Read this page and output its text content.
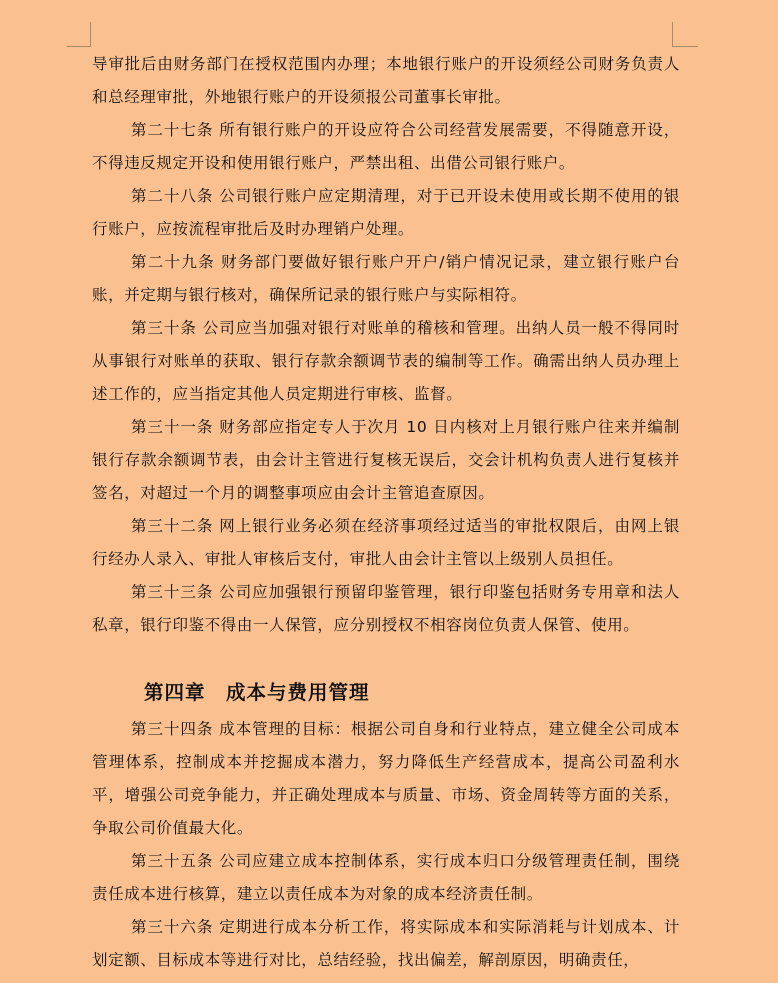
导审批后由财务部门在授权范围内办理；本地银行账户的开设须经公司财务负责人和总经理审批，外地银行账户的开设须报公司董事长审批。

第二十七条 所有银行账户的开设应符合公司经营发展需要，不得随意开设，不得违反规定开设和使用银行账户，严禁出租、出借公司银行账户。

第二十八条 公司银行账户应定期清理，对于已开设未使用或长期不使用的银行账户，应按流程审批后及时办理销户处理。

第二十九条 财务部门要做好银行账户开户/销户情况记录，建立银行账户台账，并定期与银行核对，确保所记录的银行账户与实际相符。

第三十条 公司应当加强对银行对账单的稽核和管理。出纳人员一般不得同时从事银行对账单的获取、银行存款余额调节表的编制等工作。确需出纳人员办理上述工作的，应当指定其他人员定期进行审核、监督。

第三十一条 财务部应指定专人于次月 10 日内核对上月银行账户往来并编制银行存款余额调节表，由会计主管进行复核无误后，交会计机构负责人进行复核并签名，对超过一个月的调整事项应由会计主管追查原因。

第三十二条 网上银行业务必须在经济事项经过适当的审批权限后，由网上银行经办人录入、审批人审核后支付，审批人由会计主管以上级别人员担任。

第三十三条 公司应加强银行预留印鉴管理，银行印鉴包括财务专用章和法人私章，银行印鉴不得由一人保管，应分别授权不相容岗位负责人保管、使用。

第四章　成本与费用管理

第三十四条 成本管理的目标：根据公司自身和行业特点，建立健全公司成本管理体系，控制成本并挖掘成本潜力，努力降低生产经营成本，提高公司盈利水平，增强公司竞争能力，并正确处理成本与质量、市场、资金周转等方面的关系，争取公司价值最大化。

第三十五条 公司应建立成本控制体系，实行成本归口分级管理责任制，围绕责任成本进行核算，建立以责任成本为对象的成本经济责任制。

第三十六条 定期进行成本分析工作，将实际成本和实际消耗与计划成本、计划定额、目标成本等进行对比，总结经验，找出偏差，解剖原因，明确责任，
